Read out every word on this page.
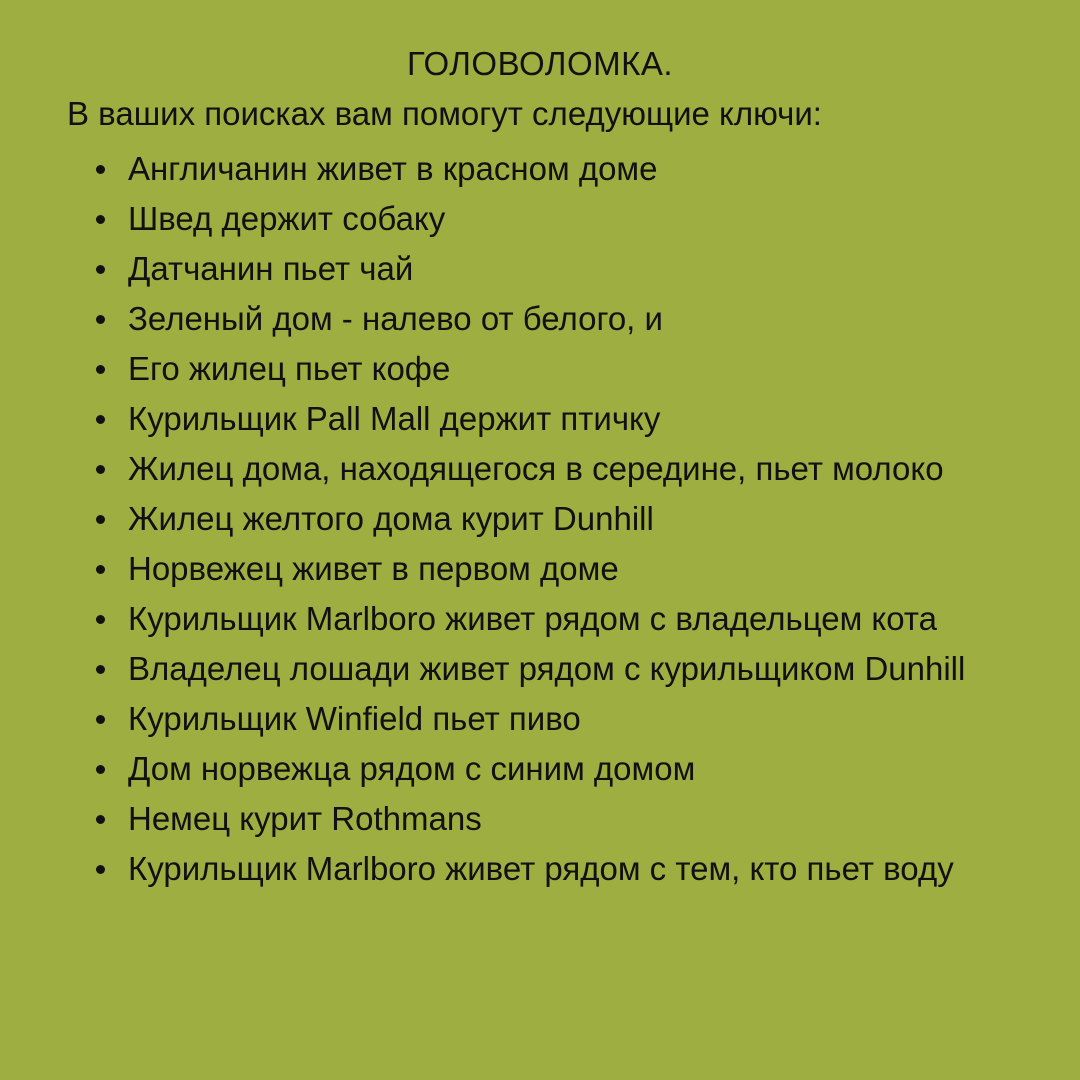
ГОЛОВОЛОМКА.
В ваших поисках вам помогут следующие ключи:
Англичанин живет в красном доме
Швед держит собаку
Датчанин пьет чай
Зеленый дом - налево от белого, и
Его жилец пьет кофе
Курильщик Pall Mall держит птичку
Жилец дома, находящегося в середине, пьет молоко
Жилец желтого дома курит Dunhill
Норвежец живет в первом доме
Курильщик Marlboro живет рядом с владельцем кота
Владелец лошади живет рядом с курильщиком Dunhill
Курильщик Winfield пьет пиво
Дом норвежца рядом с синим домом
Немец курит Rothmans
Курильщик Marlboro живет рядом с тем, кто пьет воду
